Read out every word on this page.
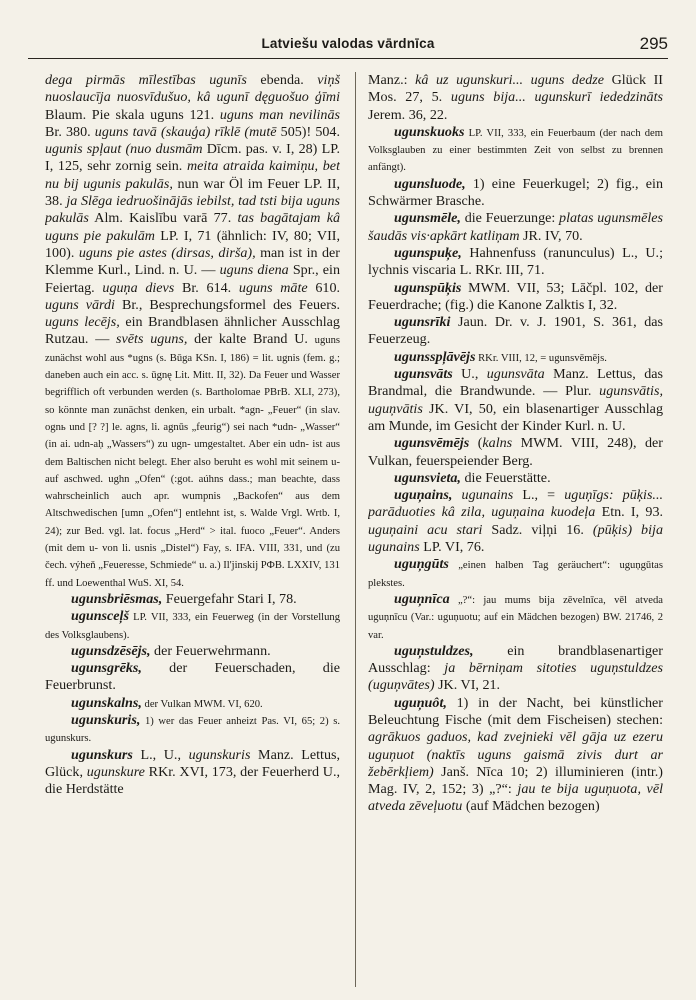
Latviešu valodas vārdnīca	295

dega pirmās mīlestības ugunīs ebenda. viņš nuoslaucīja nuosvīdušuo, kâ ugunī dęguošuo ģīmi Blaum. Pie skala uguns 121. uguns man nevilinās Br. 380. uguns tavā (skauģa) rīklē (mutē 505)! 504. ugunis spļaut (nuo dusmām Dīcm. pas. v. I, 28) LP. I, 125, sehr zornig sein. meita atraida kaimiņu, bet nu bij ugunis pakulās, nun war Öl im Feuer LP. II, 38. ja Slēga iedruošinājās iebilst, tad tsti bija uguns pakulās Alm. Kaislību varā 77. tas bagātajam kâ uguns pie pakulām LP. I, 71 (ähnlich: IV, 80; VII, 100). uguns pie astes (dirsas, dirša), man ist in der Klemme Kurl., Lind. n. U. — uguns diena Spr., ein Feiertag. uguņa dievs Br. 614. uguns māte 610. uguns vārdi Br., Besprechungsformel des Feuers. uguns lecējs, ein Brandblasen ähnlicher Ausschlag Rutzau. — svēts uguns, der kalte Brand U. uguns zunächst wohl aus *ugns (s. Būga KSn. I, 186) = lit. ugnis (fem. g.; daneben auch ein acc. s. ūgnę Lit. Mitt. II, 32). Da Feuer und Wasser begrifflich oft verbunden werden (s. Bartholomae PBrB. XLI, 273), so könnte man zunächst denken, ein urbalt. *agn- „Feuer“ (in slav. ognь und [? ?] le. agns, li. agnūs „feurig“) sei nach *udn- „Wasser“ (in ai. udn-aḥ „Wassers“) zu ugn- umgestaltet. Aber ein udn- ist aus dem Baltischen nicht belegt. Eher also beruht es wohl mit seinem u- auf aschwed. ughn „Ofen“ (:got. aúhns dass.; man beachte, dass wahrscheinlich auch apr. wumpnis „Backofen“ aus dem Altschwedischen [umn „Ofen“] entlehnt ist, s. Walde Vrgl. Wrtb. I, 24); zur Bed. vgl. lat. focus „Herd“ > ital. fuoco „Feuer“. Anders (mit dem u- von li. usnis „Distel“) Fay, s. IFA. VIII, 331, und (zu čech. výheň „Feueresse, Schmiede“ u. a.) Il'jinskij РФВ. LXXIV, 131 ff. und Loewenthal WuS. XI, 54.

ugunsbriēsmas, Feuergefahr Stari I, 78.

ugunsceļš LP. VII, 333, ein Feuerweg (in der Vorstellung des Volksglaubens).

ugunsdzēsējs, der Feuerwehrmann.

ugunsgrēks, der Feuerschaden, die Feuerbrunst.

ugunskalns, der Vulkan MWM. VI, 620.

ugunskuris, 1) wer das Feuer anheizt Pas. VI, 65; 2) s. ugunskurs.

ugunskurs L., U., ugunskuris Manz. Lettus, Glück, ugunskure RKr. XVI, 173, der Feuerherd U., die Herdstätte

Manz.: kâ uz ugunskuri... uguns dedze Glück II Mos. 27, 5. uguns bija... ugunskurī iededzināts Jerem. 36, 22.

ugunskuoks LP. VII, 333, ein Feuerbaum (der nach dem Volksglauben zu einer bestimmten Zeit von selbst zu brennen anfängt).

ugunsluode, 1) eine Feuerkugel; 2) fig., ein Schwärmer Brasche.

ugunsmēle, die Feuerzunge: platas ugunsmēles šaudās vis·apkārt katliņam JR. IV, 70.

ugunspuķe, Hahnenfuss (ranunculus) L., U.; lychnis viscaria L. RKr. III, 71.

ugunspūķis MWM. VII, 53; Lāčpl. 102, der Feuerdrache; (fig.) die Kanone Zalktis I, 32.

ugunsrīki Jaun. Dr. v. J. 1901, S. 361, das Feuerzeug.

ugunsspļāvējs RKr. VIII, 12, = ugunsvēmējs.

ugunsvāts U., ugunsvāta Manz. Lettus, das Brandmal, die Brandwunde. — Plur. ugunsvātis, uguņvātis JK. VI, 50, ein blasenartiger Ausschlag am Munde, im Gesicht der Kinder Kurl. n. U.

ugunsvēmējs (kalns MWM. VIII, 248), der Vulkan, feuerspeiender Berg.

ugunsvieta, die Feuerstätte.

uguņains, ugunains L., = uguņīgs: pūķis... parāduoties kâ zila, uguņaina kuodeļa Etn. I, 93. uguņaini acu stari Sadz. viļņi 16. (pūķis) bija ugunains LP. VI, 76.

uguņgūts „einen halben Tag geräuchert“: uguņgūtas plekstes.

uguņnīca „?“: jau mums bija zēvelnīca, vēl atveda uguņnīcu (Var.: uguņuotu; auf ein Mädchen bezogen) BW. 21746, 2 var.

uguņstuldzes, ein brandblasenartiger Ausschlag: ja bērniņam sitoties uguņstuldzes (uguņvātes) JK. VI, 21.

uguņuôt, 1) in der Nacht, bei künstlicher Beleuchtung Fische (mit dem Fischeisen) stechen: agrākuos gaduos, kad zvejnieki vēl gāja uz ezeru uguņuot (naktīs uguns gaismā zivis durt ar žebērkļiem) Janš. Nīca 10; 2) illuminieren (intr.) Mag. IV, 2, 152; 3) „?“: jau te bija uguņuota, vēl atveda zēveļuotu (auf Mädchen bezogen)
